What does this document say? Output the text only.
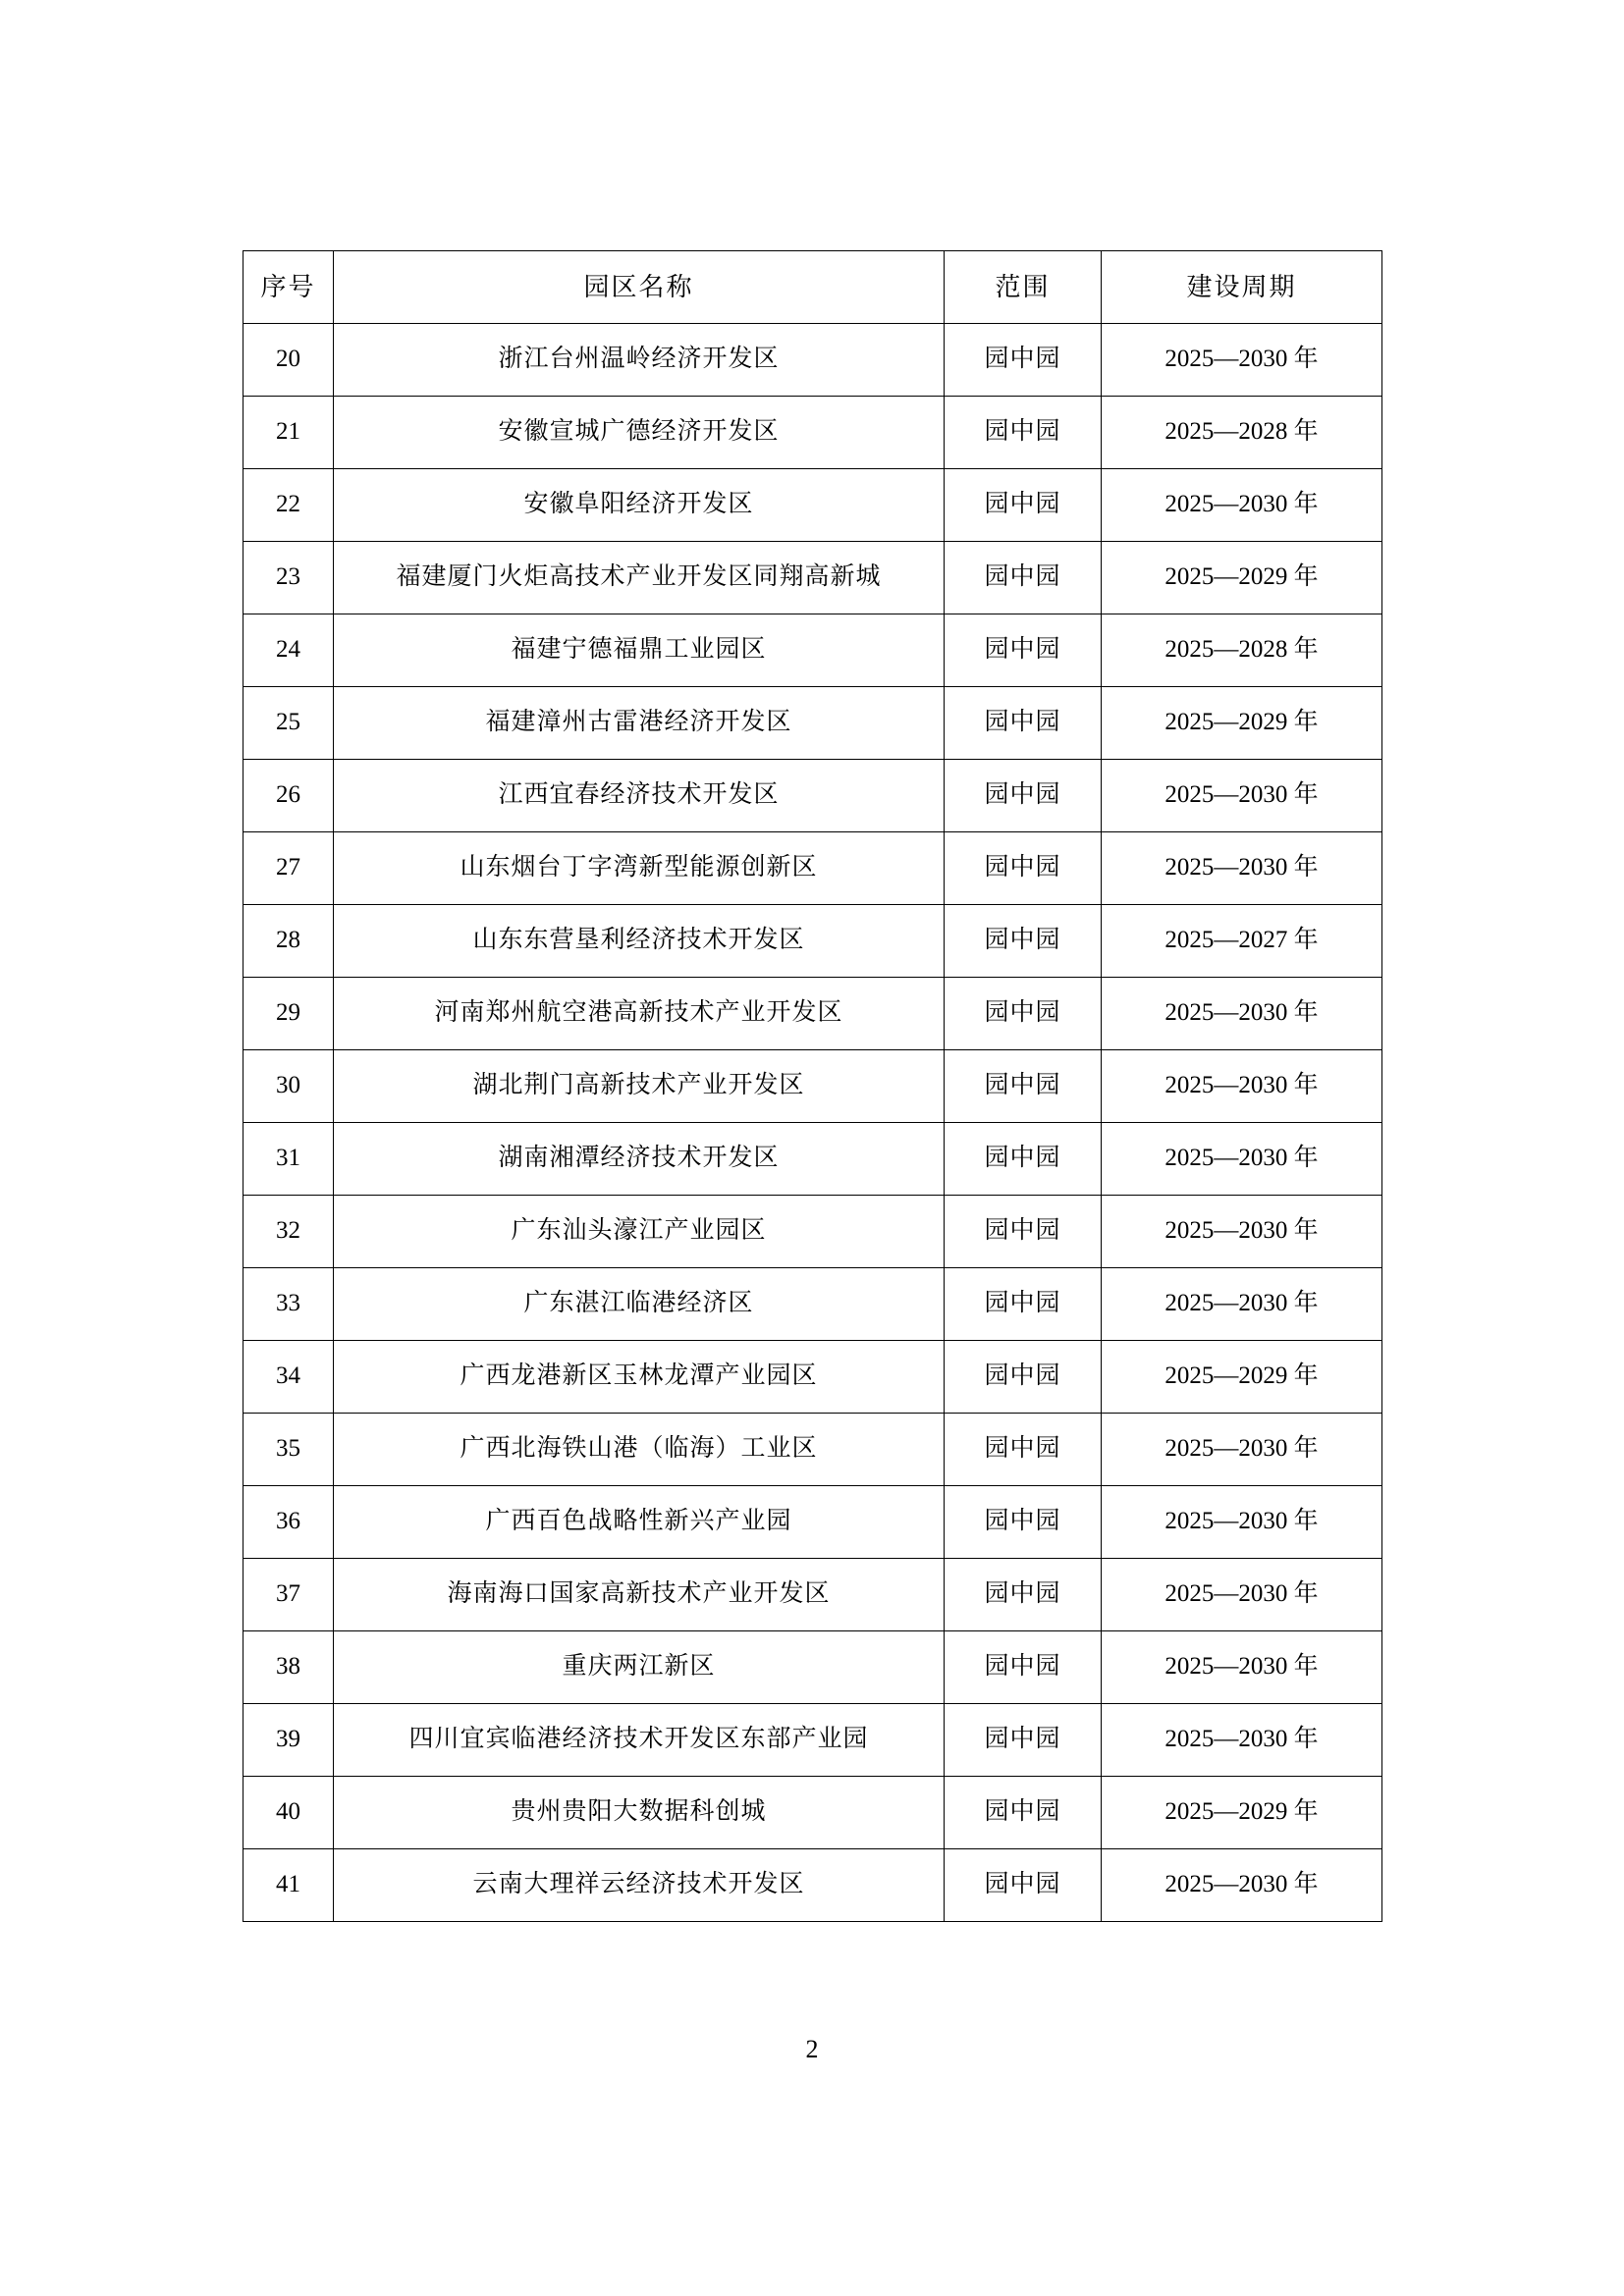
序号	园区名称	范围	建设周期
20	浙江台州温岭经济开发区	园中园	2025—2030 年
21	安徽宣城广德经济开发区	园中园	2025—2028 年
22	安徽阜阳经济开发区	园中园	2025—2030 年
23	福建厦门火炬高技术产业开发区同翔高新城	园中园	2025—2029 年
24	福建宁德福鼎工业园区	园中园	2025—2028 年
25	福建漳州古雷港经济开发区	园中园	2025—2029 年
26	江西宜春经济技术开发区	园中园	2025—2030 年
27	山东烟台丁字湾新型能源创新区	园中园	2025—2030 年
28	山东东营垦利经济技术开发区	园中园	2025—2027 年
29	河南郑州航空港高新技术产业开发区	园中园	2025—2030 年
30	湖北荆门高新技术产业开发区	园中园	2025—2030 年
31	湖南湘潭经济技术开发区	园中园	2025—2030 年
32	广东汕头濠江产业园区	园中园	2025—2030 年
33	广东湛江临港经济区	园中园	2025—2030 年
34	广西龙港新区玉林龙潭产业园区	园中园	2025—2029 年
35	广西北海铁山港（临海）工业区	园中园	2025—2030 年
36	广西百色战略性新兴产业园	园中园	2025—2030 年
37	海南海口国家高新技术产业开发区	园中园	2025—2030 年
38	重庆两江新区	园中园	2025—2030 年
39	四川宜宾临港经济技术开发区东部产业园	园中园	2025—2030 年
40	贵州贵阳大数据科创城	园中园	2025—2029 年
41	云南大理祥云经济技术开发区	园中园	2025—2030 年
2
